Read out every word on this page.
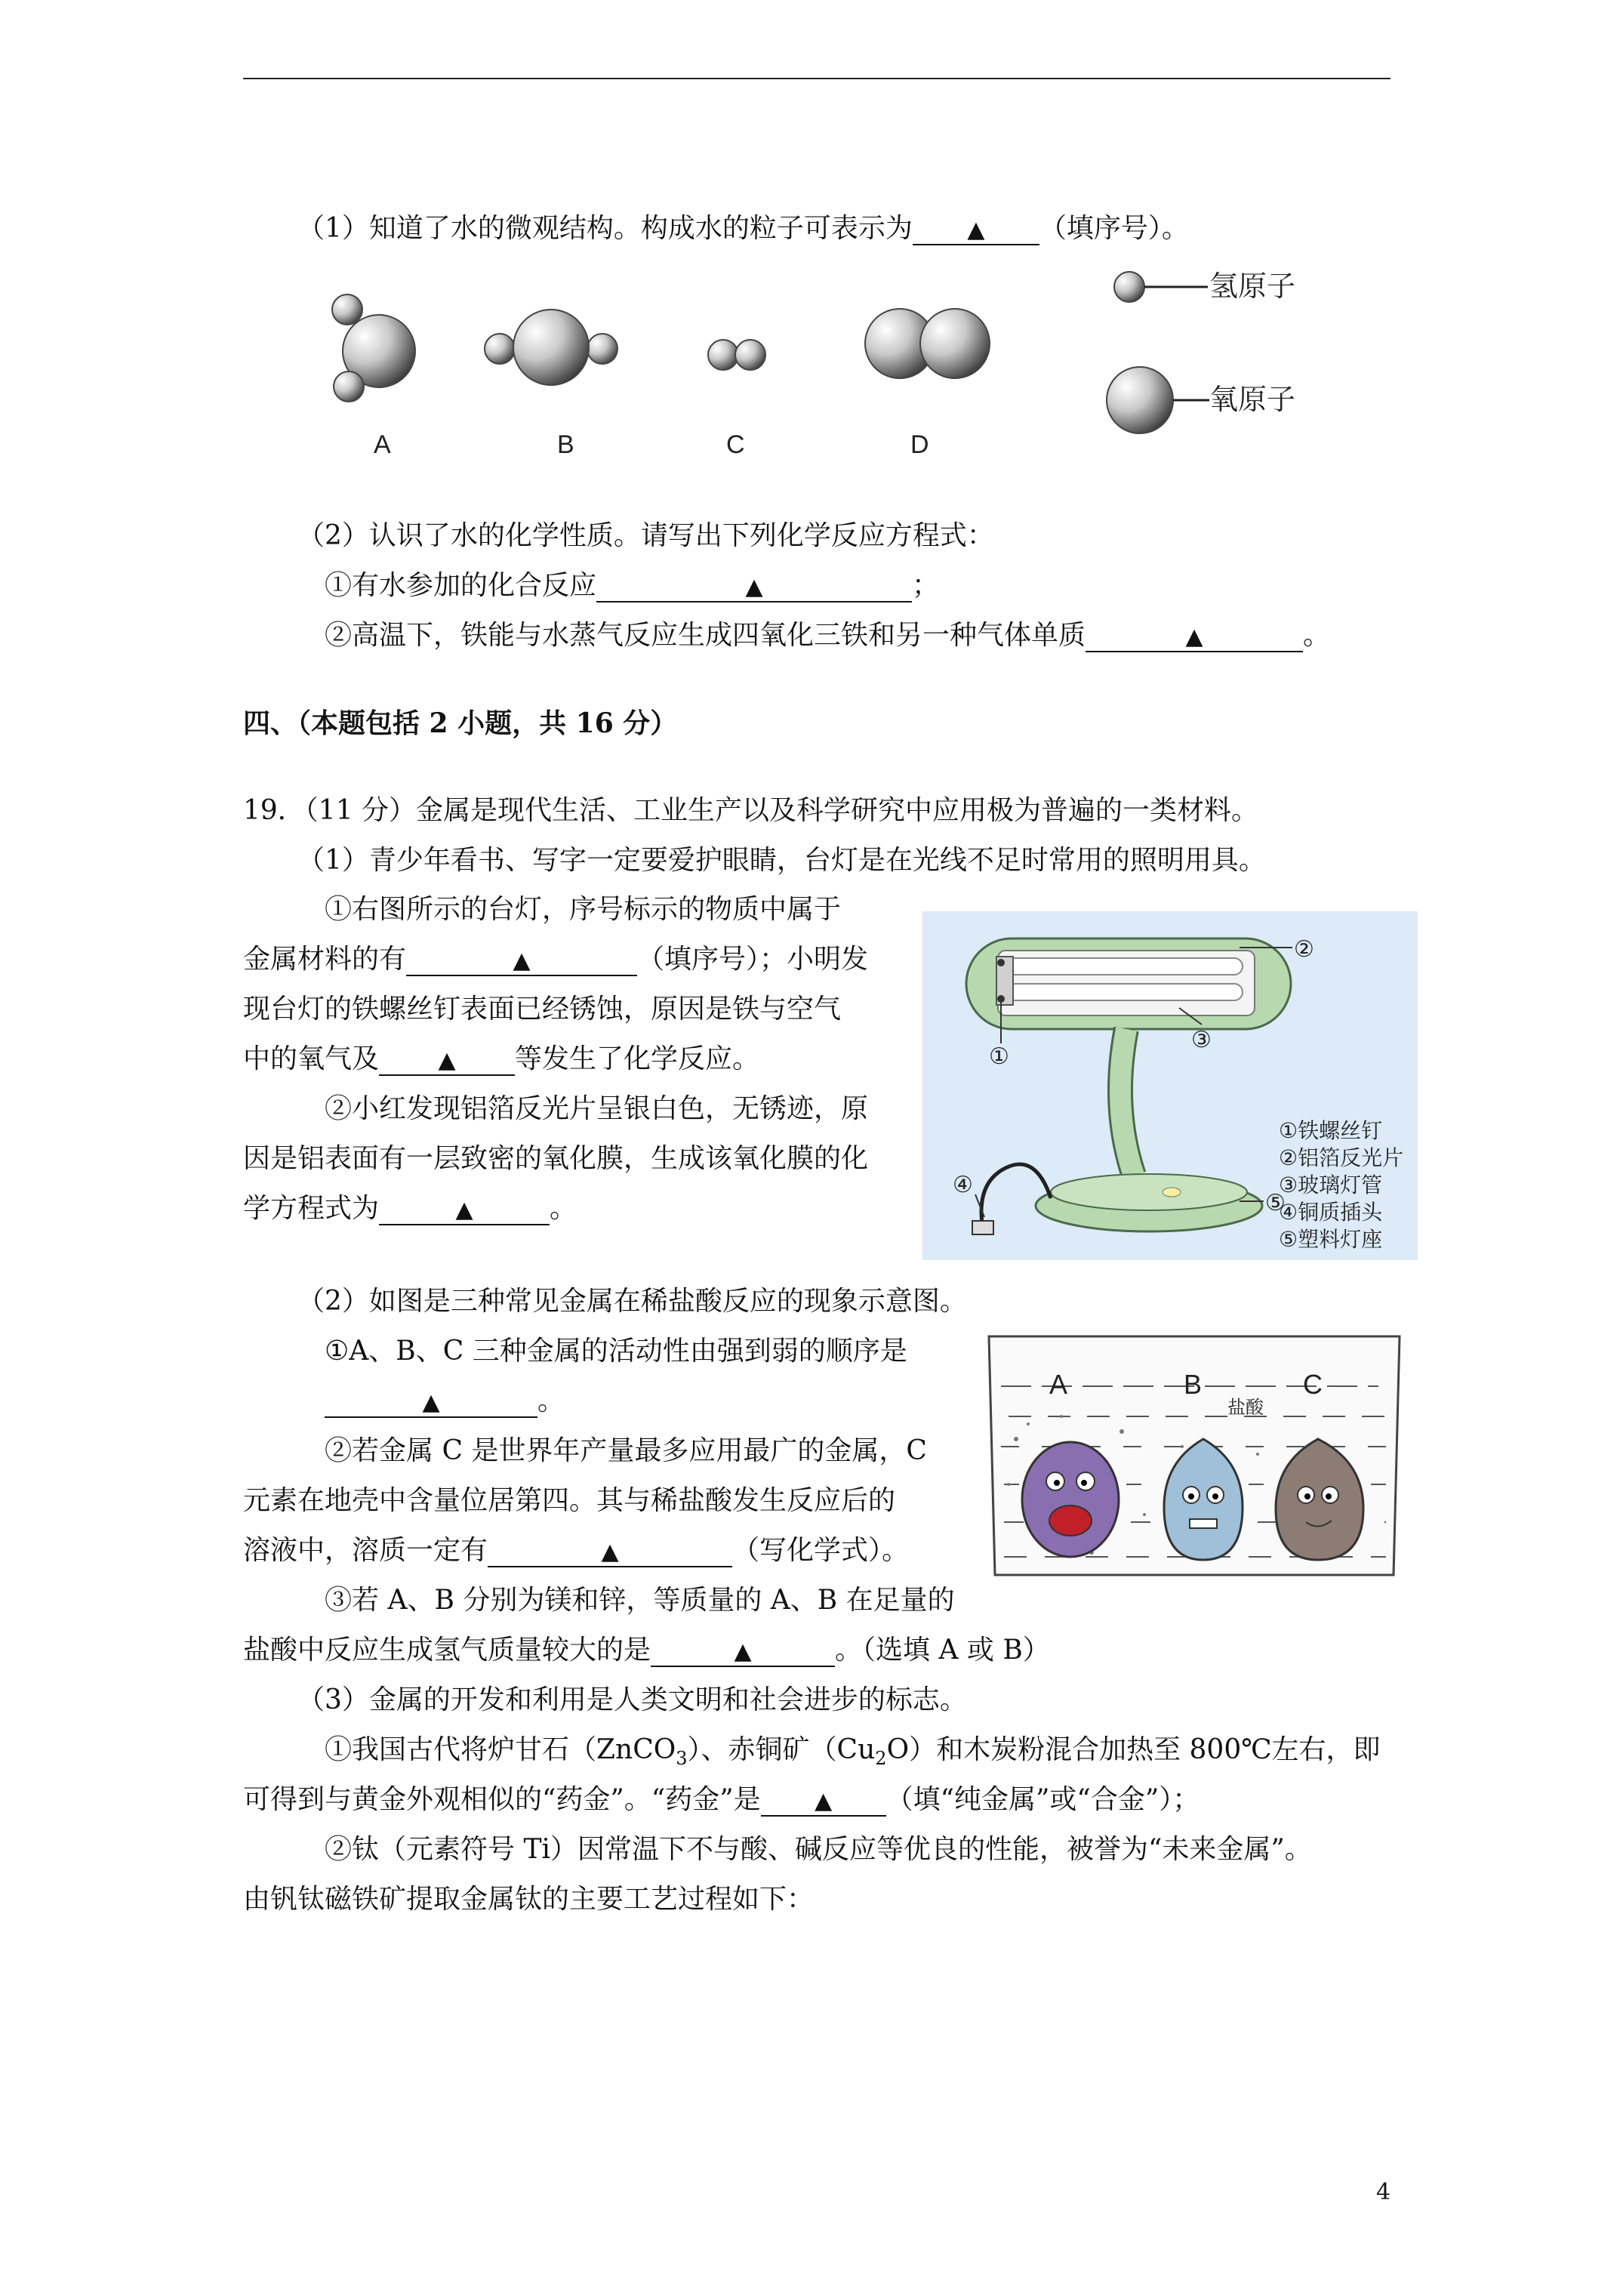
（1）知道了水的微观结构。构成水的粒子可表示为 ▲ （填序号）。
A	B	C	D
氢原子
氧原子
（2）认识了水的化学性质。请写出下列化学反应方程式：
①有水参加的化合反应	▲	；
②高温下，铁能与水蒸气反应生成四氧化三铁和另一种气体单质	▲	。
四、（本题包括 2 小题，共 16 分）
19．（11 分）金属是现代生活、工业生产以及科学研究中应用极为普遍的一类材料。
（1）青少年看书、写字一定要爱护眼睛，台灯是在光线不足时常用的照明用具。
①右图所示的台灯，序号标示的物质中属于
金属材料的有	▲	（填序号）；小明发
现台灯的铁螺丝钉表面已经锈蚀，原因是铁与空气
中的氧气及	▲ 等发生了化学反应。
②小红发现铝箔反光片呈银白色，无锈迹，原
因是铝表面有一层致密的氧化膜，生成该氧化膜的化
学方程式为	▲	。
②
③
①
④
⑤
①铁螺丝钉
②铝箔反光片
③玻璃灯管
④铜质插头
⑤塑料灯座
（2）如图是三种常见金属在稀盐酸反应的现象示意图。
①A、B、C 三种金属的活动性由强到弱的顺序是
▲	。
②若金属 C 是世界年产量最多应用最广的金属，C
元素在地壳中含量位居第四。其与稀盐酸发生反应后的
溶液中，溶质一定有	▲	（写化学式）。
③若 A、B 分别为镁和锌，等质量的 A、B 在足量的
盐酸中反应生成氢气质量较大的是	▲	。（选填 A 或 B）
A	B	C
盐酸
（3）金属的开发和利用是人类文明和社会进步的标志。
①我国古代将炉甘石（ZnCO$_3$）、赤铜矿$(Cu_2O)$和木炭粉混合加热至 800℃左右，即
可得到与黄金外观相似的“药金”。“药金”是 ▲ （填“纯金属”或“合金”）；
②钛（元素符号 Ti）因常温下不与酸、碱反应等优良的性能，被誉为“未来金属”。
由钒钛磁铁矿提取金属钛的主要工艺过程如下：
4
